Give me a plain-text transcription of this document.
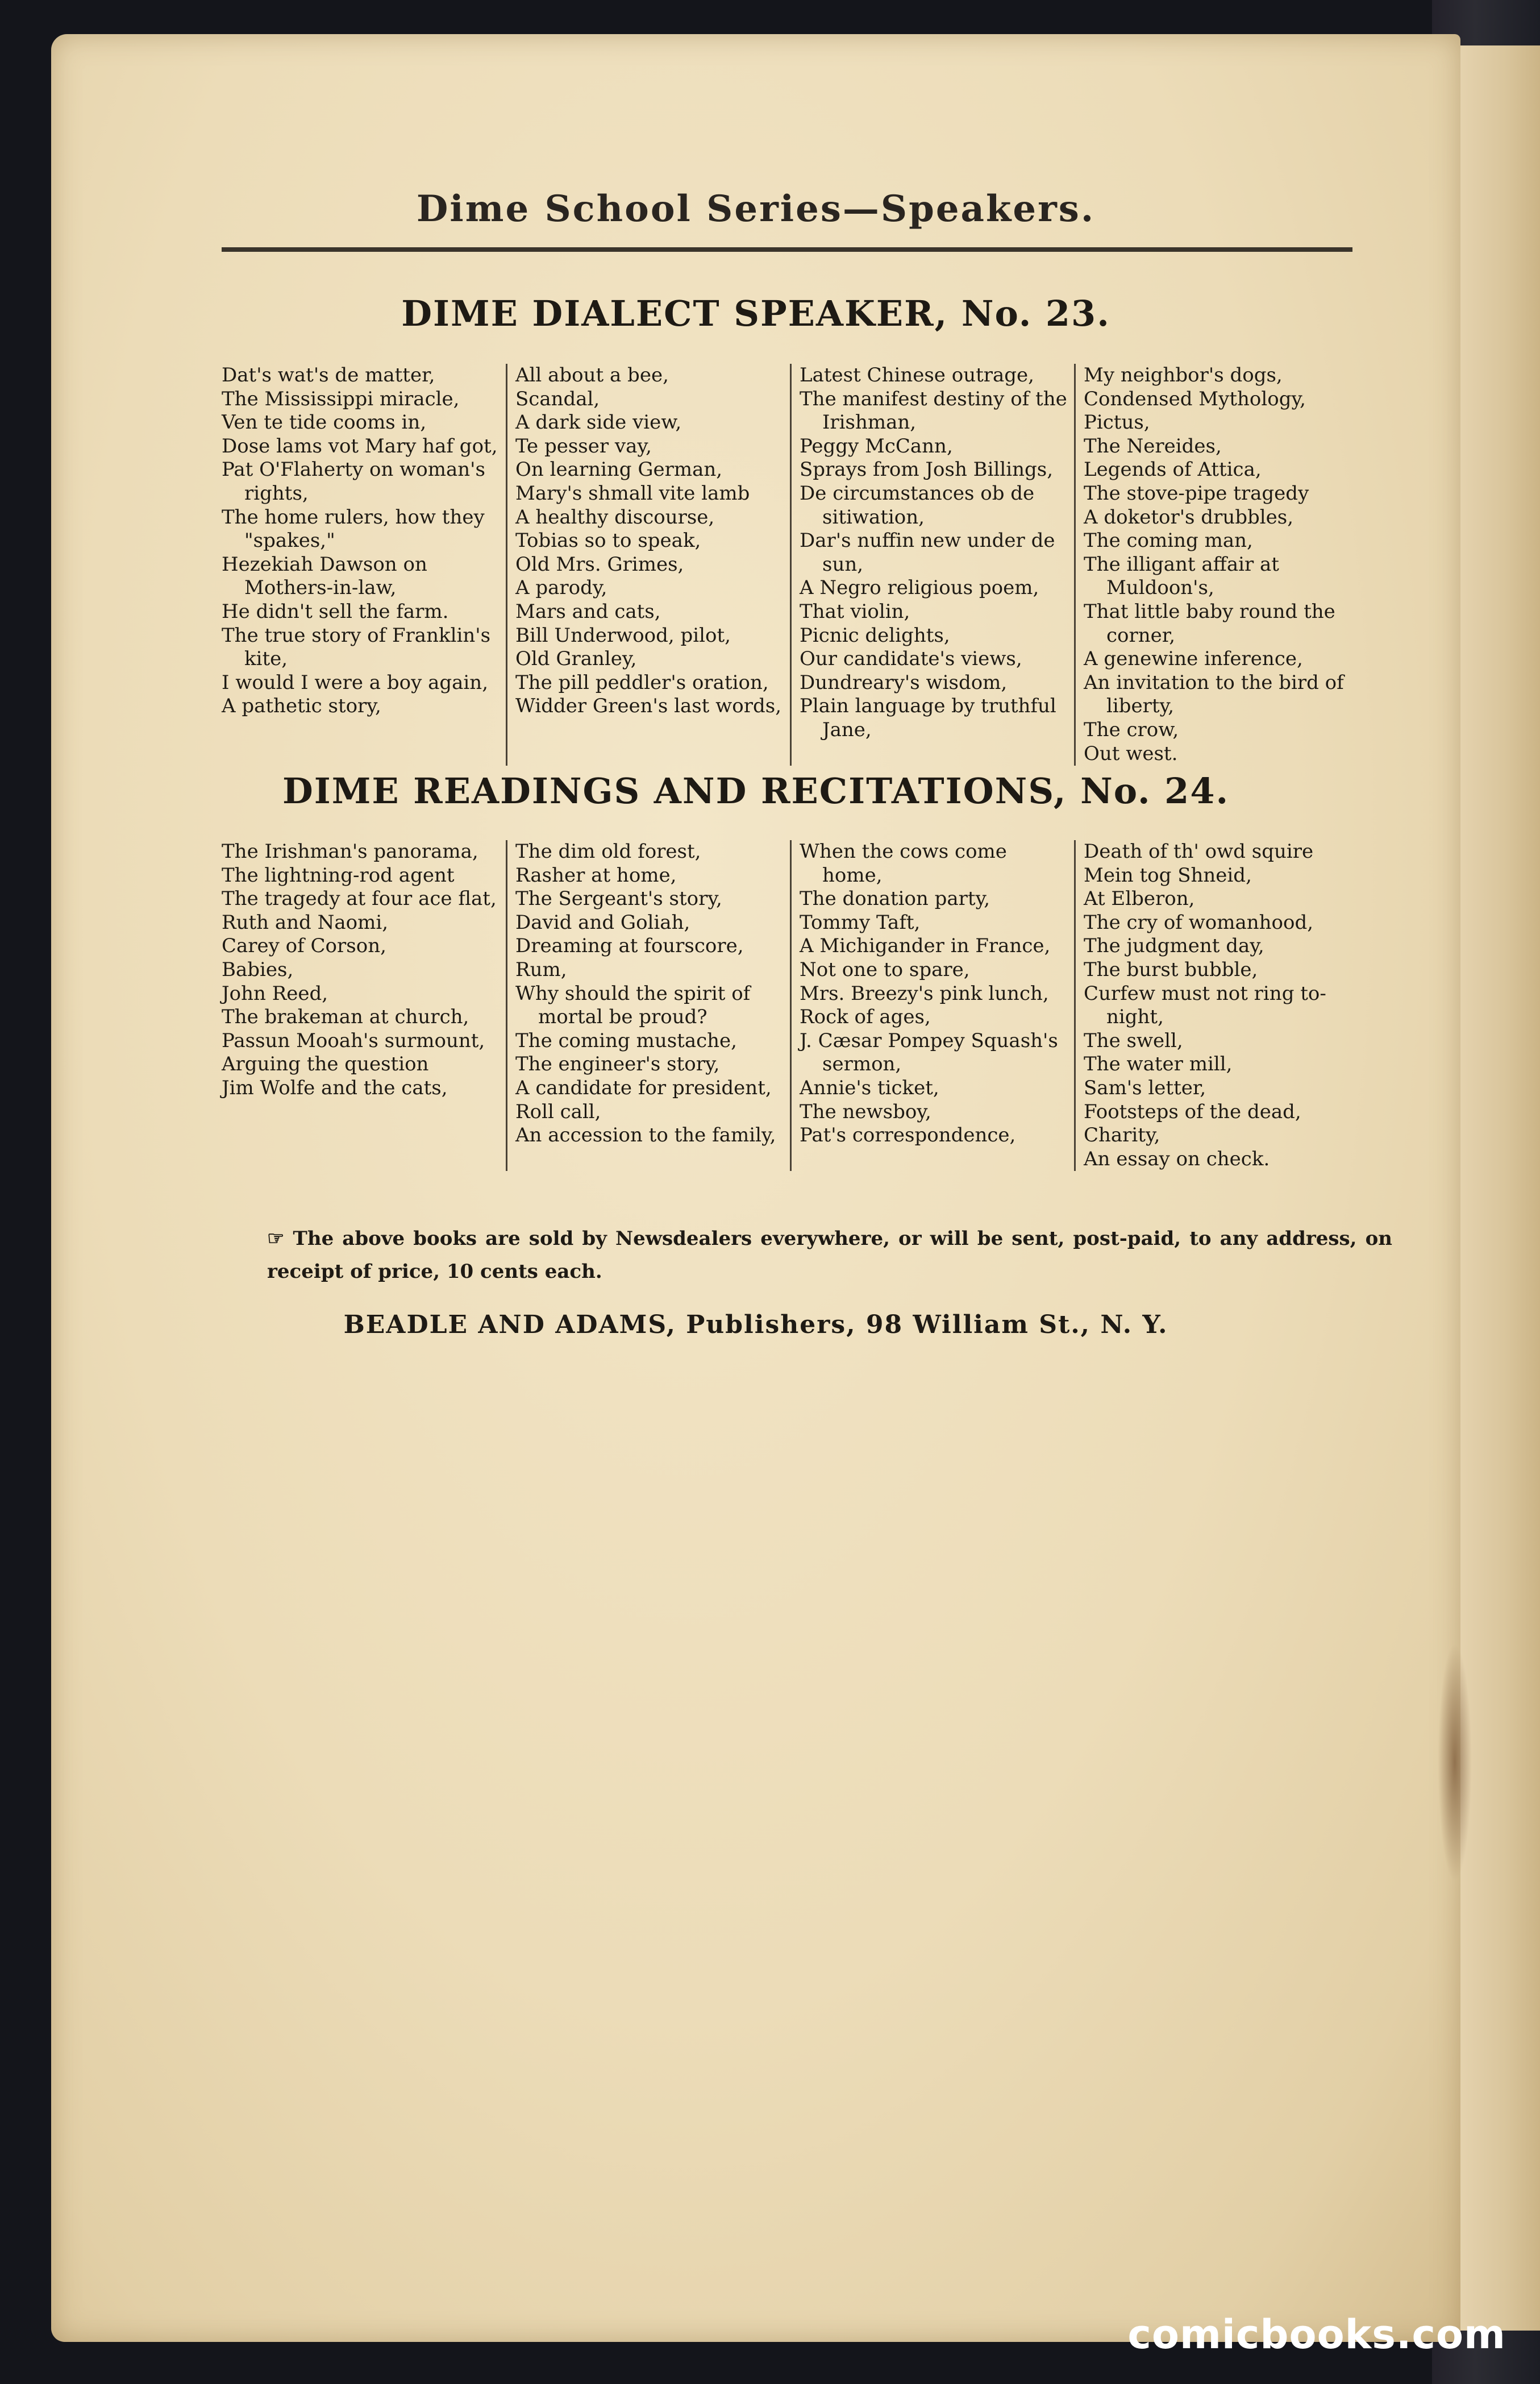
Dime School Series—Speakers.
DIME DIALECT SPEAKER, No. 23.
Dat's wat's de matter,
The Mississippi miracle,
Ven te tide cooms in,
Dose lams vot Mary haf got,
Pat O'Flaherty on woman's rights,
The home rulers, how they "spakes,"
Hezekiah Dawson on Mothers-in-law,
He didn't sell the farm.
The true story of Franklin's kite,
I would I were a boy again,
A pathetic story,
All about a bee,
Scandal,
A dark side view,
Te pesser vay,
On learning German,
Mary's shmall vite lamb
A healthy discourse,
Tobias so to speak,
Old Mrs. Grimes,
A parody,
Mars and cats,
Bill Underwood, pilot,
Old Granley,
The pill peddler's oration,
Widder Green's last words,
Latest Chinese outrage,
The manifest destiny of the Irishman,
Peggy McCann,
Sprays from Josh Billings,
De circumstances ob de sitiwation,
Dar's nuffin new under de sun,
A Negro religious poem,
That violin,
Picnic delights,
Our candidate's views,
Dundreary's wisdom,
Plain language by truthful Jane,
My neighbor's dogs,
Condensed Mythology,
Pictus,
The Nereides,
Legends of Attica,
The stove-pipe tragedy
A doketor's drubbles,
The coming man,
The illigant affair at Muldoon's,
That little baby round the corner,
A genewine inference,
An invitation to the bird of liberty,
The crow,
Out west.
DIME READINGS AND RECITATIONS, No. 24.
The Irishman's panorama,
The lightning-rod agent
The tragedy at four ace flat,
Ruth and Naomi,
Carey of Corson,
Babies,
John Reed,
The brakeman at church,
Passun Mooah's surmount,
Arguing the question
Jim Wolfe and the cats,
The dim old forest,
Rasher at home,
The Sergeant's story,
David and Goliah,
Dreaming at fourscore,
Rum,
Why should the spirit of mortal be proud?
The coming mustache,
The engineer's story,
A candidate for president,
Roll call,
An accession to the family,
When the cows come home,
The donation party,
Tommy Taft,
A Michigander in France,
Not one to spare,
Mrs. Breezy's pink lunch,
Rock of ages,
J. Cæsar Pompey Squash's sermon,
Annie's ticket,
The newsboy,
Pat's correspondence,
Death of th' owd squire
Mein tog Shneid,
At Elberon,
The cry of womanhood,
The judgment day,
The burst bubble,
Curfew must not ring to-night,
The swell,
The water mill,
Sam's letter,
Footsteps of the dead,
Charity,
An essay on check.
☞ The above books are sold by Newsdealers everywhere, or will be sent, post-paid, to any address, on receipt of price, 10 cents each.
BEADLE AND ADAMS, Publishers, 98 William St., N. Y.
comicbooks.com
